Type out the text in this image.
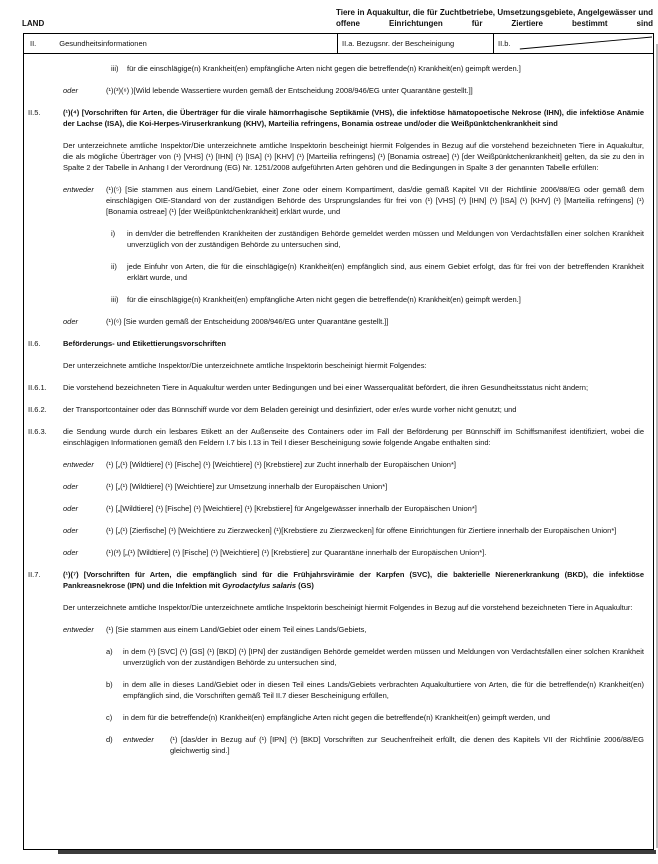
LAND
Tiere in Aquakultur, die für Zuchtbetriebe, Umsetzungsgebiete, Angelgewässer und offene Einrichtungen für Ziertiere bestimmt sind
II.	Gesundheitsinformationen	II.a. Bezugsnr. der Bescheinigung	II.b.
iii)	für die einschlägige(n) Krankheit(en) empfängliche Arten nicht gegen die betreffende(n) Krankheit(en) geimpft werden.]
oder	(¹)(³)(⁶) )[Wild lebende Wassertiere wurden gemäß der Entscheidung 2008/946/EG unter Quarantäne gestellt.]]
II.5.	(¹)(⁴) [Vorschriften für Arten, die Überträger für die virale hämorrhagische Septikämie (VHS), die infektiöse hämatopoetische Nekrose (IHN), die infektiöse Anämie der Lachse (ISA), die Koi-Herpes-Viruserkrankung (KHV), Marteilia refringens, Bonamia ostreae und/oder die Weißpünktchenkrankheit sind
Der unterzeichnete amtliche Inspektor/Die unterzeichnete amtliche Inspektorin bescheinigt hiermit Folgendes in Bezug auf die vorstehend bezeichneten Tiere in Aquakultur, die als mögliche Überträger von (¹) [VHS] (¹) [IHN] (¹) [ISA] (¹) [KHV] (¹) [Marteilia refringens] (¹) [Bonamia ostreae] (¹) [der Weißpünktchenkrankheit] gelten, da sie zu den in Spalte 2 der Tabelle in Anhang I der Verordnung (EG) Nr. 1251/2008 aufgeführten Arten gehören und die Bedingungen in Spalte 3 der genannten Tabelle erfüllen:
entweder	(¹)(⁵) [Sie stammen aus einem Land/Gebiet, einer Zone oder einem Kompartiment, das/die gemäß Kapitel VII der Richtlinie 2006/88/EG oder gemäß dem einschlägigen OIE-Standard von der zuständigen Behörde des Ursprungslandes für frei von (¹) [VHS] (¹) [IHN] (¹) [ISA] (¹) [KHV] (¹) [Marteilia refringens] (¹) [Bonamia ostreae] (¹) [der Weißpünktchenkrankheit] erklärt wurde, und
i)	in dem/der die betreffenden Krankheiten der zuständigen Behörde gemeldet werden müssen und Meldungen von Verdachtsfällen einer solchen Krankheit unverzüglich von der zuständigen Behörde zu untersuchen sind,
ii)	jede Einfuhr von Arten, die für die einschlägige(n) Krankheit(en) empfänglich sind, aus einem Gebiet erfolgt, das für frei von der betreffenden Krankheit erklärt wurde, und
iii)	für die einschlägige(n) Krankheit(en) empfängliche Arten nicht gegen die betreffende(n) Krankheit(en) geimpft werden.]
oder	(¹)(⁶) [Sie wurden gemäß der Entscheidung 2008/946/EG unter Quarantäne gestellt.]]
II.6.	Beförderungs- und Etikettierungsvorschriften
Der unterzeichnete amtliche Inspektor/Die unterzeichnete amtliche Inspektorin bescheinigt hiermit Folgendes:
II.6.1.	Die vorstehend bezeichneten Tiere in Aquakultur werden unter Bedingungen und bei einer Wasserqualität befördert, die ihren Gesundheitsstatus nicht ändern;
II.6.2.	der Transportcontainer oder das Bünnschiff wurde vor dem Beladen gereinigt und desinfiziert, oder er/es wurde vorher nicht genutzt; und
II.6.3.	die Sendung wurde durch ein lesbares Etikett an der Außenseite des Containers oder im Fall der Beförderung per Bünnschiff im Schiffsmanifest identifiziert, wobei die einschlägigen Informationen gemäß den Feldern I.7 bis I.13 in Teil I dieser Bescheinigung sowie folgende Angabe enthalten sind:
entweder	(¹) [„(¹) [Wildtiere] (¹) [Fische] (¹) [Weichtiere] (¹) [Krebstiere] zur Zucht innerhalb der Europäischen Union*]
oder	(¹) [„(¹) [Wildtiere] (¹) [Weichtiere] zur Umsetzung innerhalb der Europäischen Union*]
oder	(¹) [„[Wildtiere] (¹) [Fische] (¹) [Weichtiere] (¹) [Krebstiere] für Angelgewässer innerhalb der Europäischen Union*]
oder	(¹) [„(¹) [Zierfische] (¹) [Weichtiere zu Zierzwecken] (¹)[Krebstiere zu Zierzwecken] für offene Einrichtungen für Ziertiere innerhalb der Europäischen Union*]
oder	(¹)(³) [„(¹) [Wildtiere] (¹) [Fische] (¹) [Weichtiere] (¹) [Krebstiere] zur Quarantäne innerhalb der Europäischen Union*].
II.7.	(¹)(⁷) [Vorschriften für Arten, die empfänglich sind für die Frühjahrsvirämie der Karpfen (SVC), die bakterielle Nierenerkrankung (BKD), die infektiöse Pankreasnekrose (IPN) und die Infektion mit Gyrodactylus salaris (GS)
Der unterzeichnete amtliche Inspektor/Die unterzeichnete amtliche Inspektorin bescheinigt hiermit Folgendes in Bezug auf die vorstehend bezeichneten Tiere in Aquakultur:
entweder	(¹) [Sie stammen aus einem Land/Gebiet oder einem Teil eines Lands/Gebiets,
a)	in dem (¹) [SVC] (¹) [GS] (¹) [BKD] (¹) [IPN] der zuständigen Behörde gemeldet werden müssen und Meldungen von Verdachtsfällen einer solchen Krankheit unverzüglich von der zuständigen Behörde zu untersuchen sind,
b)	in dem alle in dieses Land/Gebiet oder in diesen Teil eines Lands/Gebiets verbrachten Aquakulturtiere von Arten, die für die betreffende(n) Krankheit(en) empfänglich sind, die Vorschriften gemäß Teil II.7 dieser Bescheinigung erfüllen,
c)	in dem für die betreffende(n) Krankheit(en) empfängliche Arten nicht gegen die betreffende(n) Krankheit(en) geimpft werden, und
d)	entweder	(¹) [das/der in Bezug auf (¹) [IPN] (¹) [BKD] Vorschriften zur Seuchenfreiheit erfüllt, die denen des Kapitels VII der Richtlinie 2006/88/EG gleichwertig sind.]
